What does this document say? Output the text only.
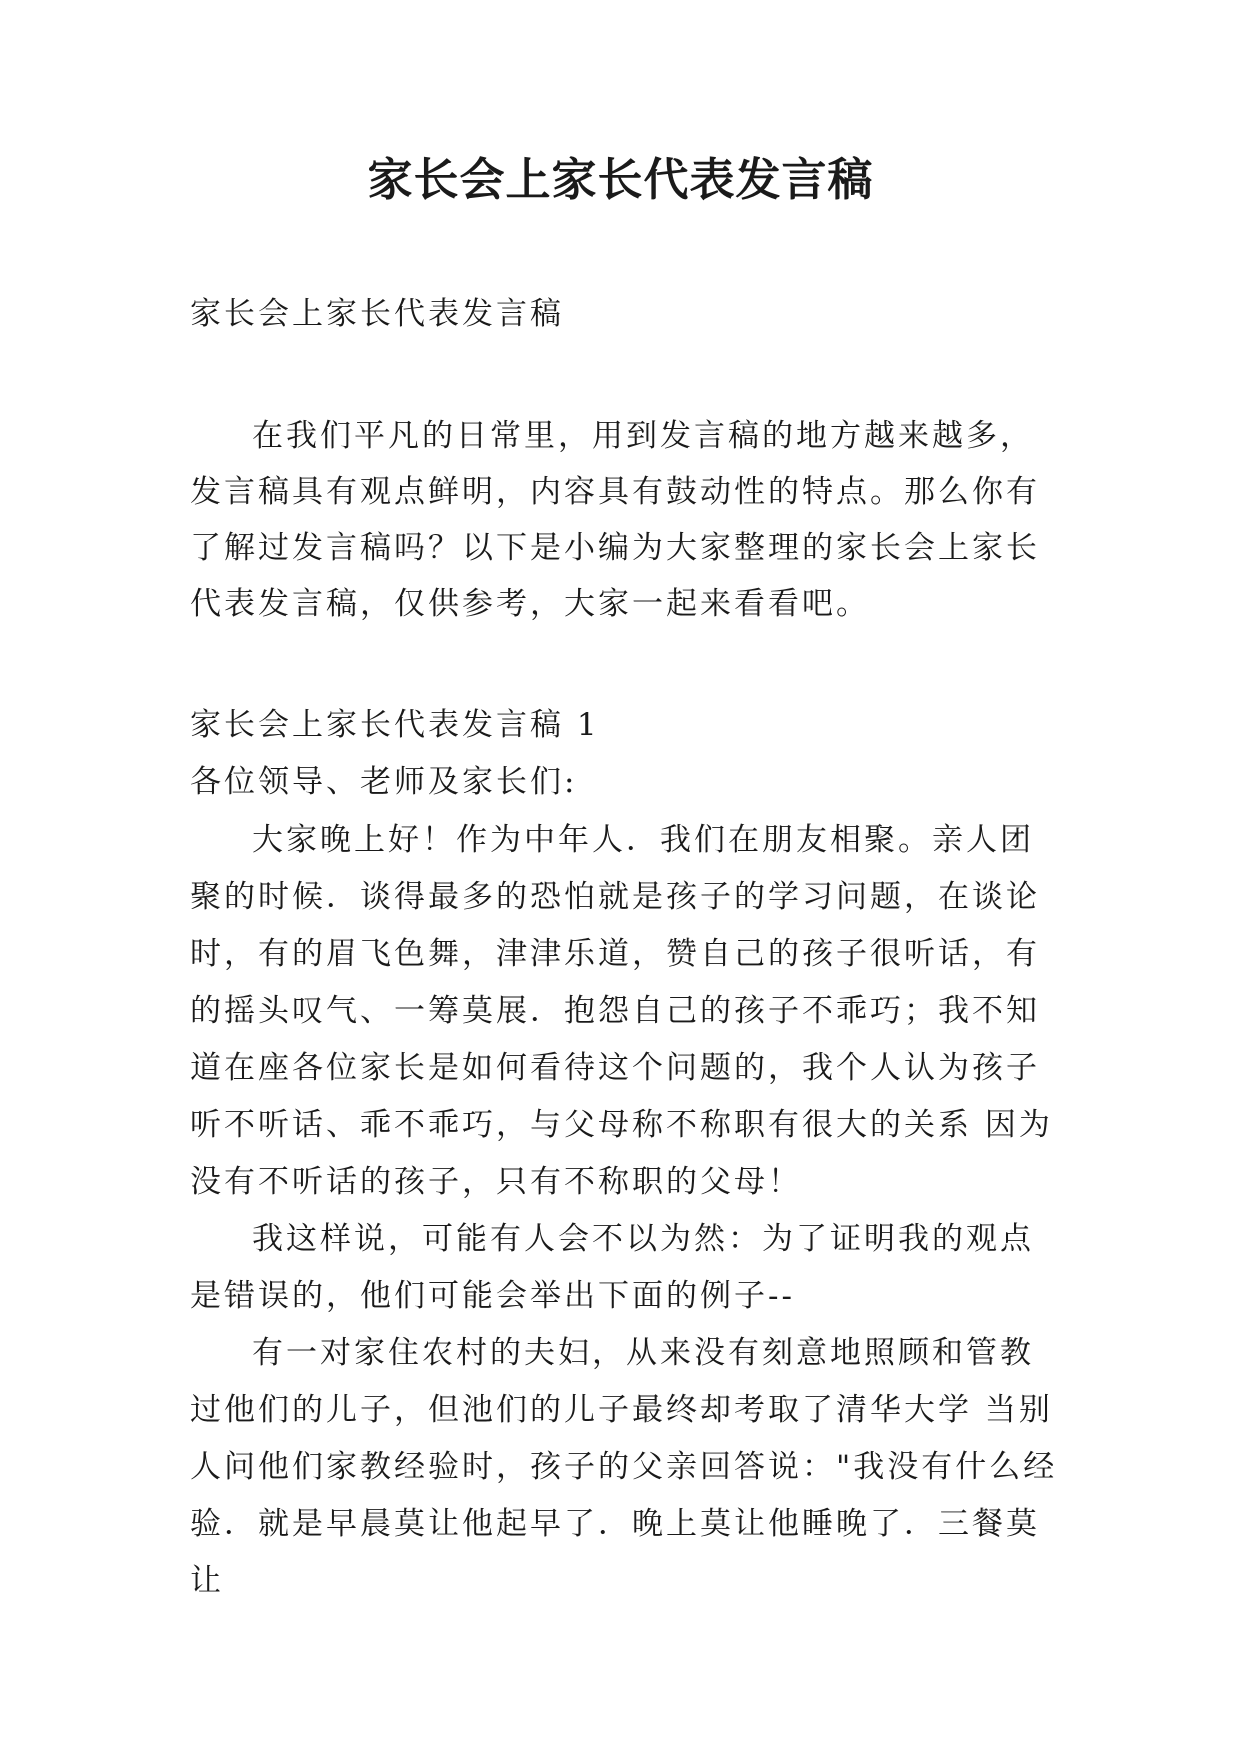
家长会上家长代表发言稿
家长会上家长代表发言稿

在我们平凡的日常里，用到发言稿的地方越来越多，发言稿具有观点鲜明，内容具有鼓动性的特点。那么你有了解过发言稿吗？以下是小编为大家整理的家长会上家长代表发言稿，仅供参考，大家一起来看看吧。

家长会上家长代表发言稿 1

各位领导、老师及家长们:

大家晚上好！作为中年人．我们在朋友相聚。亲人团聚的时候．谈得最多的恐怕就是孩子的学习问题，在谈论时，有的眉飞色舞，津津乐道，赞自己的孩子很听话，有的摇头叹气、一筹莫展．抱怨自己的孩子不乖巧；我不知道在座各位家长是如何看待这个问题的，我个人认为孩子听不听话、乖不乖巧，与父母称不称职有很大的关系 因为没有不听话的孩子，只有不称职的父母！

我这样说，可能有人会不以为然：为了证明我的观点是错误的，他们可能会举出下面的例子--

有一对家住农村的夫妇，从来没有刻意地照顾和管教过他们的儿子，但池们的儿子最终却考取了清华大学 当别人问他们家教经验时，孩子的父亲回答说："我没有什么经验．就是早晨莫让他起早了．晚上莫让他睡晚了．三餐莫让
